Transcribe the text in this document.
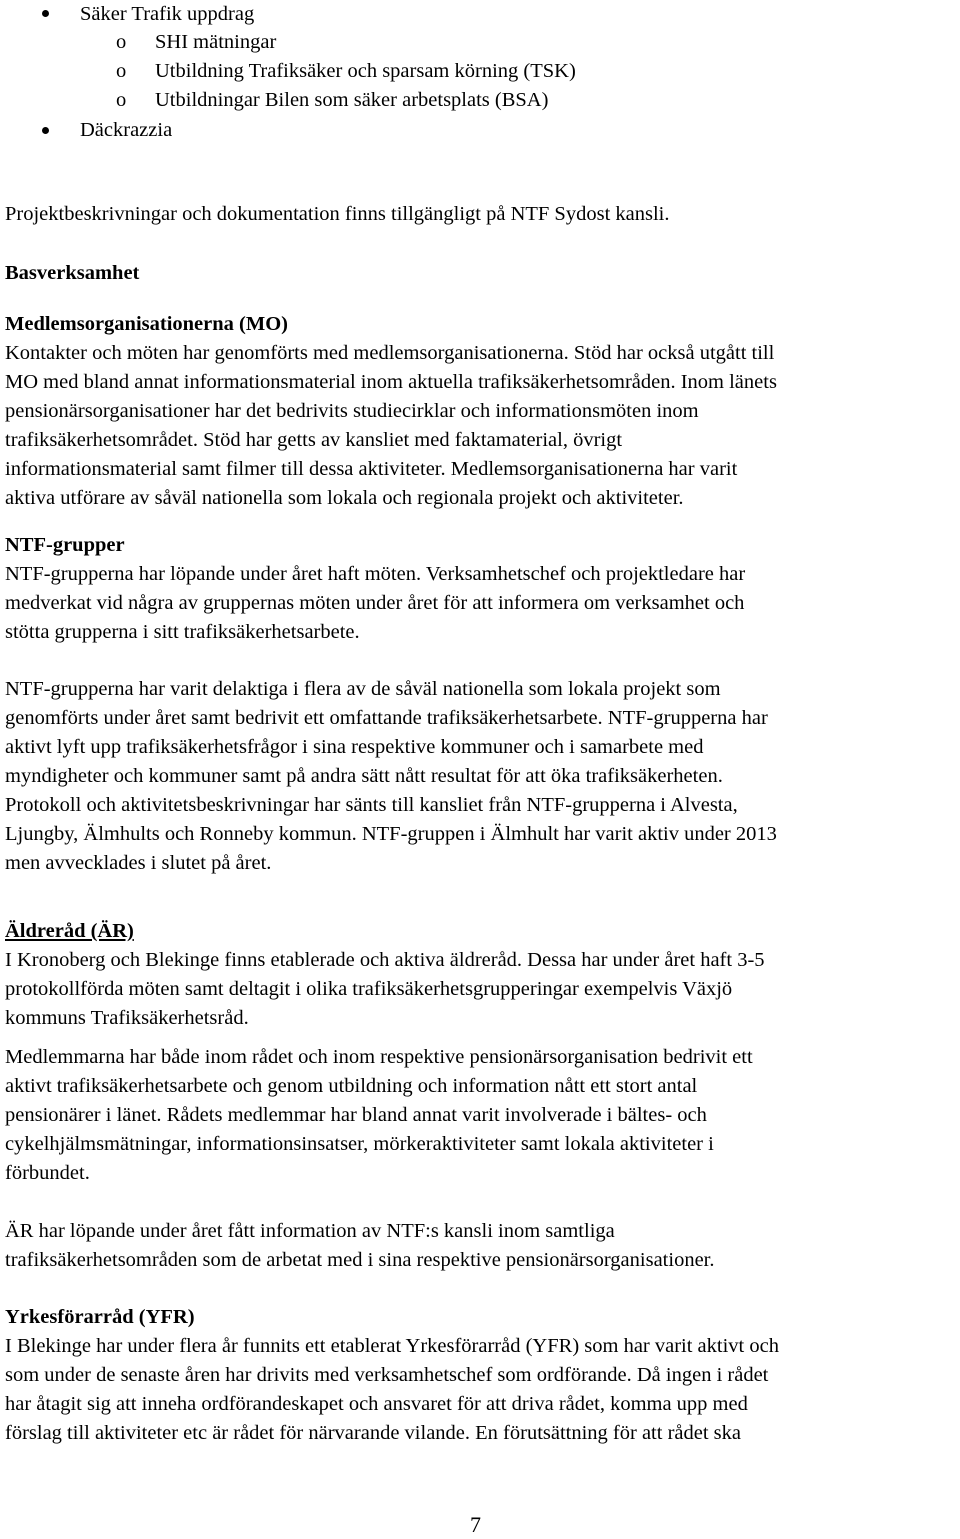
Säker Trafik uppdrag
o SHI mätningar
o Utbildning Trafiksäker och sparsam körning (TSK)
o Utbildningar Bilen som säker arbetsplats (BSA)
Däckrazzia
Projektbeskrivningar och dokumentation finns tillgängligt på NTF Sydost kansli.
Basverksamhet
Medlemsorganisationerna (MO)
Kontakter och möten har genomförts med medlemsorganisationerna. Stöd har också utgått till
MO med bland annat informationsmaterial inom aktuella trafiksäkerhetsområden. Inom länets
pensionärsorganisationer har det bedrivits studiecirklar och informationsmöten inom
trafiksäkerhetsområdet. Stöd har getts av kansliet med faktamaterial, övrigt
informationsmaterial samt filmer till dessa aktiviteter. Medlemsorganisationerna har varit
aktiva utförare av såväl nationella som lokala och regionala projekt och aktiviteter.
NTF-grupper
NTF-grupperna har löpande under året haft möten. Verksamhetschef och projektledare har
medverkat vid några av gruppernas möten under året för att informera om verksamhet och
stötta grupperna i sitt trafiksäkerhetsarbete.
NTF-grupperna har varit delaktiga i flera av de såväl nationella som lokala projekt som
genomförts under året samt bedrivit ett omfattande trafiksäkerhetsarbete. NTF-grupperna har
aktivt lyft upp trafiksäkerhetsfrågor i sina respektive kommuner och i samarbete med
myndigheter och kommuner samt på andra sätt nått resultat för att öka trafiksäkerheten.
Protokoll och aktivitetsbeskrivningar har sänts till kansliet från NTF-grupperna i Alvesta,
Ljungby, Älmhults och Ronneby kommun. NTF-gruppen i Älmhult har varit aktiv under 2013
men avvecklades i slutet på året.
Äldreråd (ÄR)
I Kronoberg och Blekinge finns etablerade och aktiva äldreråd. Dessa har under året haft 3-5
protokollförda möten samt deltagit i olika trafiksäkerhetsgrupperingar exempelvis Växjö
kommuns Trafiksäkerhetsråd.
Medlemmarna har både inom rådet och inom respektive pensionärsorganisation bedrivit ett
aktivt trafiksäkerhetsarbete och genom utbildning och information nått ett stort antal
pensionärer i länet. Rådets medlemmar har bland annat varit involverade i bältes- och
cykelhjälmsmätningar, informationsinsatser, mörkeraktiviteter samt lokala aktiviteter i
förbundet.
ÄR har löpande under året fått information av NTF:s kansli inom samtliga
trafiksäkerhetsområden som de arbetat med i sina respektive pensionärsorganisationer.
Yrkesförarråd (YFR)
I Blekinge har under flera år funnits ett etablerat Yrkesförarråd (YFR) som har varit aktivt och
som under de senaste åren har drivits med verksamhetschef som ordförande. Då ingen i rådet
har åtagit sig att inneha ordförandeskapet och ansvaret för att driva rådet, komma upp med
förslag till aktiviteter etc är rådet för närvarande vilande. En förutsättning för att rådet ska
7
